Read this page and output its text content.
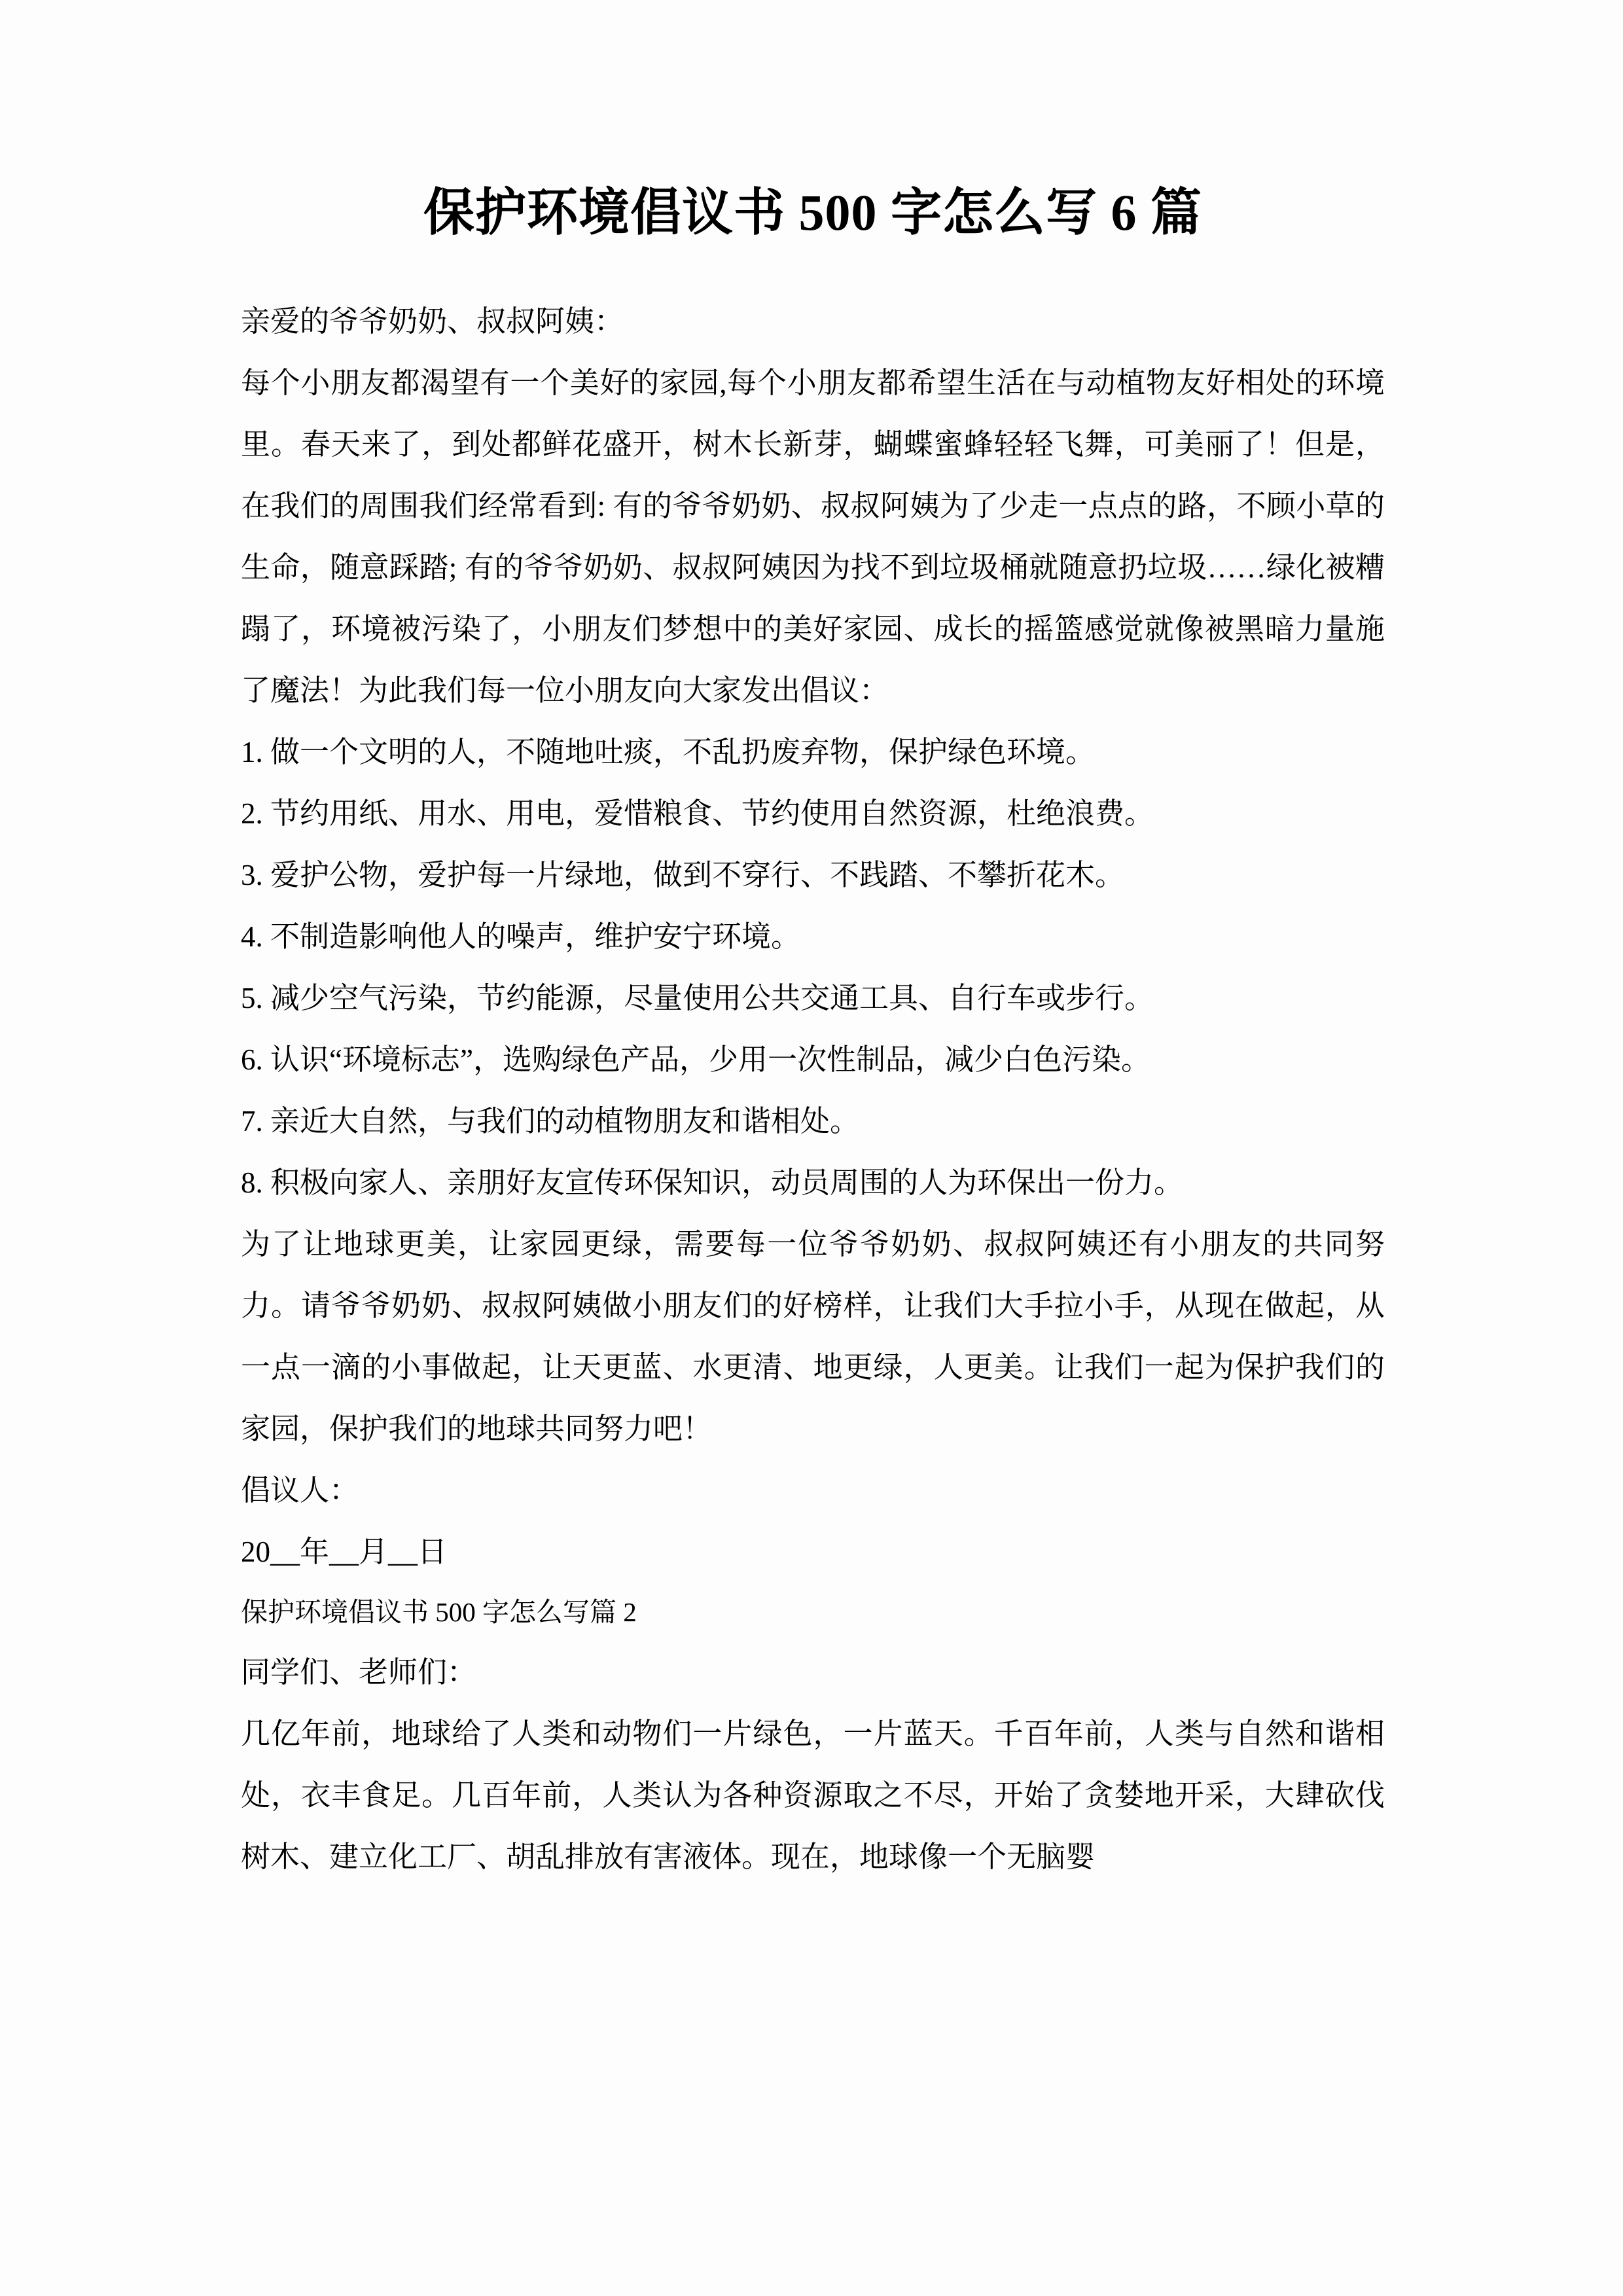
保护环境倡议书 500 字怎么写 6 篇

亲爱的爷爷奶奶、叔叔阿姨：

每个小朋友都渴望有一个美好的家园,每个小朋友都希望生活在与动植物友好相处的环境里。春天来了，到处都鲜花盛开，树木长新芽，蝴蝶蜜蜂轻轻飞舞，可美丽了！但是，在我们的周围我们经常看到: 有的爷爷奶奶、叔叔阿姨为了少走一点点的路，不顾小草的生命，随意踩踏; 有的爷爷奶奶、叔叔阿姨因为找不到垃圾桶就随意扔垃圾……绿化被糟蹋了，环境被污染了，小朋友们梦想中的美好家园、成长的摇篮感觉就像被黑暗力量施了魔法！为此我们每一位小朋友向大家发出倡议：

1. 做一个文明的人，不随地吐痰，不乱扔废弃物，保护绿色环境。

2. 节约用纸、用水、用电，爱惜粮食、节约使用自然资源，杜绝浪费。

3. 爱护公物，爱护每一片绿地，做到不穿行、不践踏、不攀折花木。

4. 不制造影响他人的噪声，维护安宁环境。

5. 减少空气污染，节约能源，尽量使用公共交通工具、自行车或步行。

6. 认识“环境标志”，选购绿色产品，少用一次性制品，减少白色污染。

7. 亲近大自然，与我们的动植物朋友和谐相处。

8. 积极向家人、亲朋好友宣传环保知识，动员周围的人为环保出一份力。

为了让地球更美，让家园更绿，需要每一位爷爷奶奶、叔叔阿姨还有小朋友的共同努力。请爷爷奶奶、叔叔阿姨做小朋友们的好榜样，让我们大手拉小手，从现在做起，从一点一滴的小事做起，让天更蓝、水更清、地更绿，人更美。让我们一起为保护我们的家园，保护我们的地球共同努力吧！

倡议人：

20__年__月__日

保护环境倡议书 500 字怎么写篇 2

同学们、老师们：

几亿年前，地球给了人类和动物们一片绿色，一片蓝天。千百年前，人类与自然和谐相处，衣丰食足。几百年前，人类认为各种资源取之不尽，开始了贪婪地开采，大肆砍伐树木、建立化工厂、胡乱排放有害液体。现在，地球像一个无脑婴
